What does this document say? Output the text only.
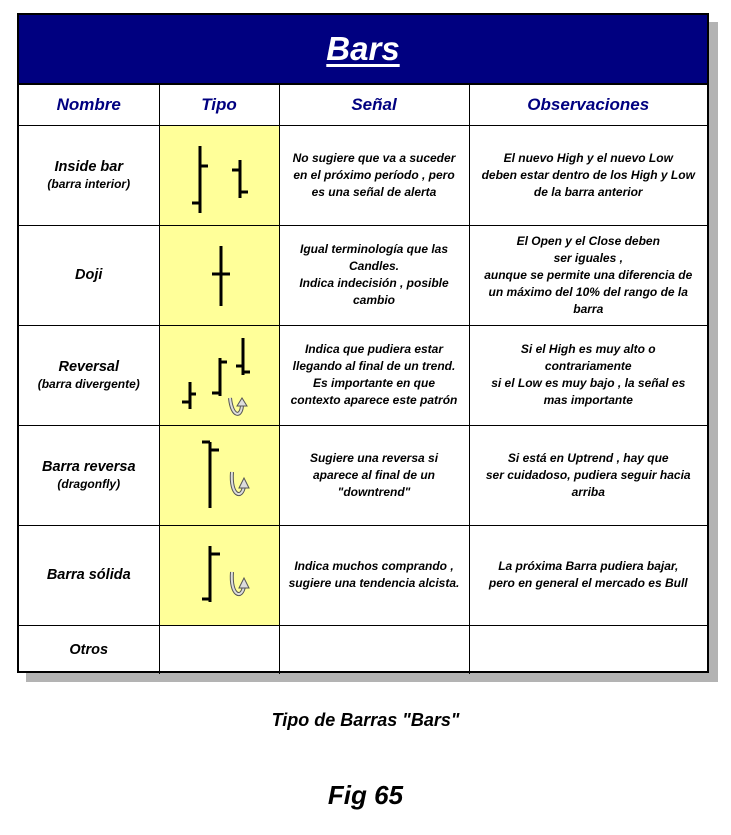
Bars
Nombre	Tipo	Señal	Observaciones
Inside bar
(barra interior)		No sugiere que va a suceder
en el próximo período , pero
es una señal de alerta	El nuevo High y el nuevo Low
deben estar dentro de los High y Low
de la barra anterior
Doji		Igual terminología que las
Candles.
Indica indecisión , posible
cambio	El Open y el Close deben
ser iguales ,
aunque se permite una diferencia de
un máximo del 10% del rango de la
barra
Reversal
(barra divergente)		Indica que pudiera estar
llegando al final de un trend.
Es importante en que
contexto aparece este patrón	Si el High es muy alto o
contrariamente
si el Low es muy bajo , la señal es
mas importante
Barra reversa
(dragonfly)		Sugiere una reversa si
aparece al final de un
"downtrend"	Si está en Uptrend , hay que
ser cuidadoso, pudiera seguir hacia
arriba
Barra sólida		Indica muchos comprando ,
sugiere una tendencia alcista.	La próxima Barra pudiera bajar,
pero en general el mercado es Bull
Otros			
Tipo de Barras "Bars"
Fig 65
